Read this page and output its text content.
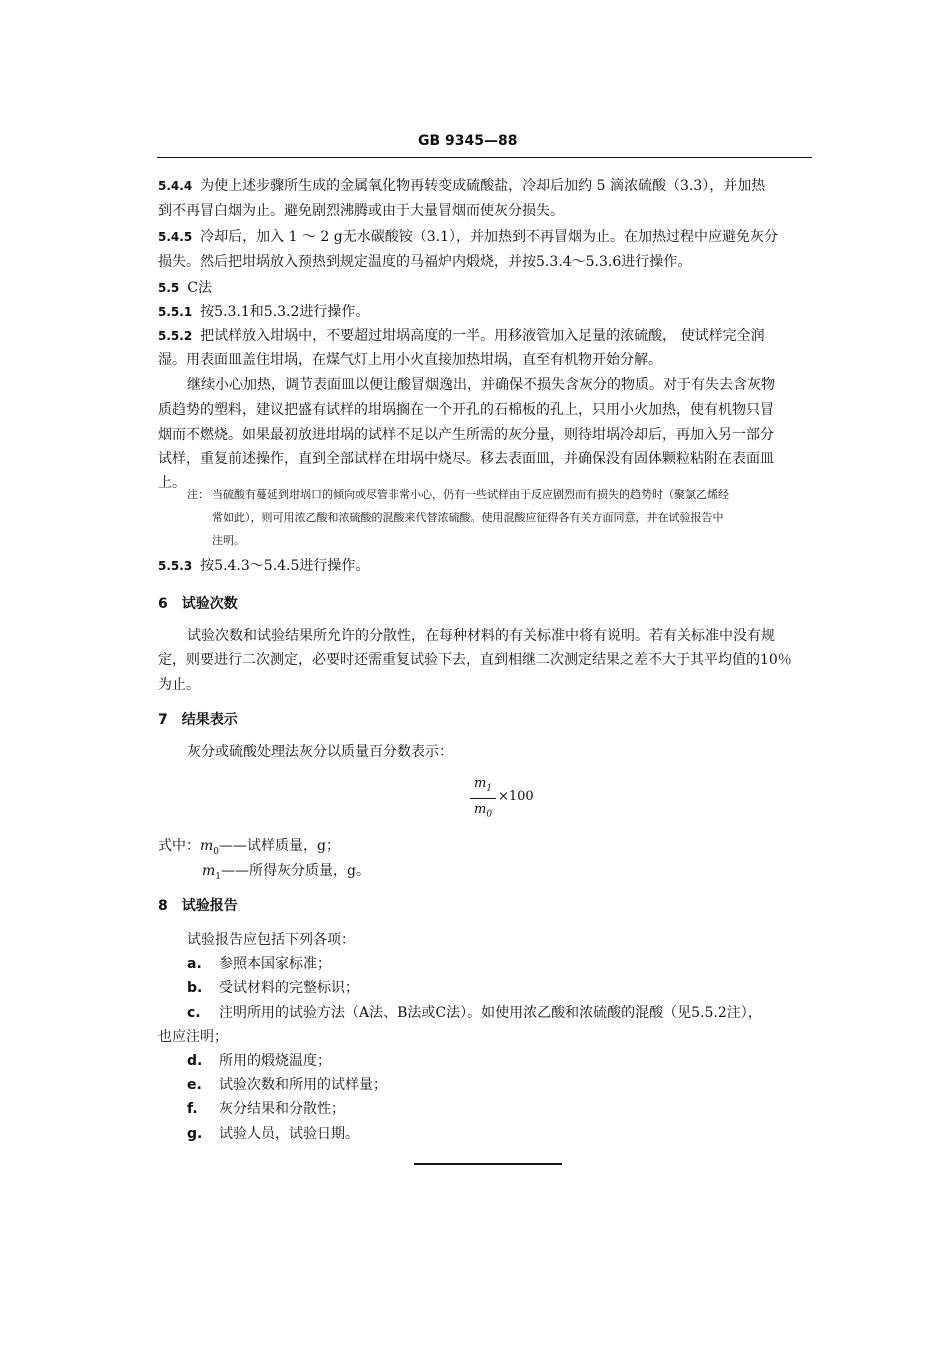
GB 9345—88
5.4.4 为使上述步骤所生成的金属氧化物再转变成硫酸盐，冷却后加约 5 滴浓硫酸（3.3），并加热
到不再冒白烟为止。避免剧烈沸腾或由于大量冒烟而使灰分损失。
5.4.5 冷却后，加入 1 ～ 2 g无水碳酸铵（3.1），并加热到不再冒烟为止。在加热过程中应避免灰分
损失。然后把坩埚放入预热到规定温度的马福炉内煅烧，并按5.3.4～5.3.6进行操作。
5.5 C法
5.5.1 按5.3.1和5.3.2进行操作。
5.5.2 把试样放入坩埚中，不要超过坩埚高度的一半。用移液管加入足量的浓硫酸， 使试样完全润
湿。用表面皿盖住坩埚，在煤气灯上用小火直接加热坩埚，直至有机物开始分解。
继续小心加热，调节表面皿以便让酸冒烟逸出，并确保不损失含灰分的物质。对于有失去含灰物
质趋势的塑料，建议把盛有试样的坩埚搁在一个开孔的石棉板的孔上，只用小火加热，使有机物只冒
烟而不燃烧。如果最初放进坩埚的试样不足以产生所需的灰分量，则待坩埚冷却后，再加入另一部分
试样，重复前述操作，直到全部试样在坩埚中烧尽。移去表面皿，并确保没有固体颗粒粘附在表面皿
上。
注： 当硫酸有蔓延到坩埚口的倾向或尽管非常小心，仍有一些试样由于反应剧烈而有损失的趋势时（聚氯乙烯经
常如此），则可用浓乙酸和浓硫酸的混酸来代替浓硫酸。使用混酸应征得各有关方面同意，并在试验报告中
注明。
5.5.3 按5.4.3～5.4.5进行操作。
6 试验次数
试验次数和试验结果所允许的分散性，在每种材料的有关标准中将有说明。若有关标准中没有规
定，则要进行二次测定，必要时还需重复试验下去，直到相继二次测定结果之差不大于其平均值的10％
为止。
7 结果表示
灰分或硫酸处理法灰分以质量百分数表示：
$m_1$
$m_0$
×100
式中：$m_0——$试样质量，g；
$m_1——$所得灰分质量，g。
8 试验报告
试验报告应包括下列各项：
a. 参照本国家标准；
b. 受试材料的完整标识；
c. 注明所用的试验方法（A法、B法或C法）。如使用浓乙酸和浓硫酸的混酸（见5.5.2注），
也应注明；
d. 所用的煅烧温度；
e. 试验次数和所用的试样量；
f. 灰分结果和分散性；
g. 试验人员，试验日期。
